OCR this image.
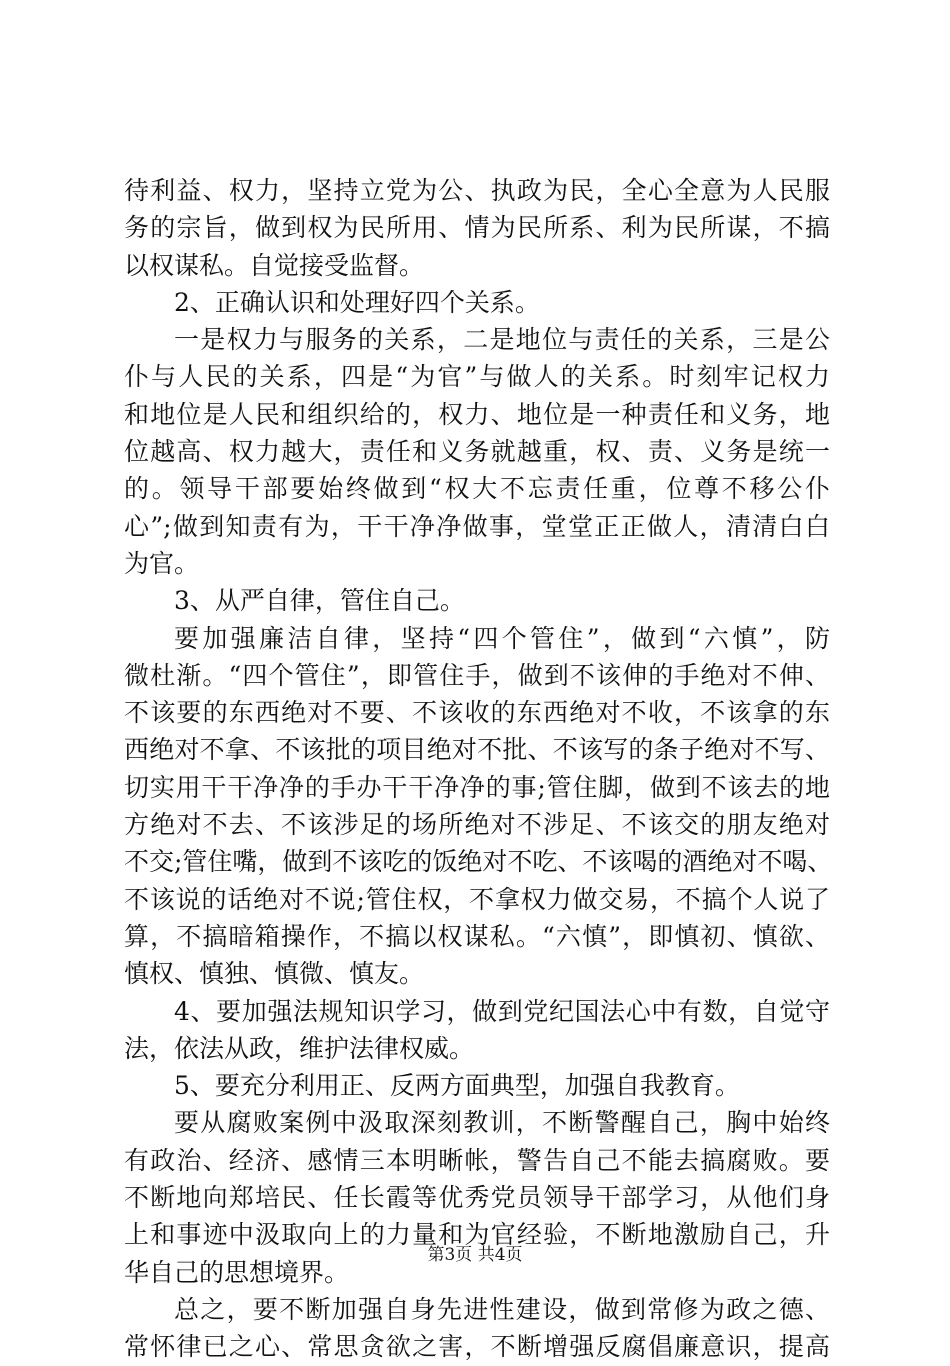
待利益、权力，坚持立党为公、执政为民，全心全意为人民服
务的宗旨，做到权为民所用、情为民所系、利为民所谋，不搞
以权谋私。自觉接受监督。
2、正确认识和处理好四个关系。
一是权力与服务的关系，二是地位与责任的关系，三是公
仆与人民的关系，四是“为官”与做人的关系。时刻牢记权力
和地位是人民和组织给的，权力、地位是一种责任和义务，地
位越高、权力越大，责任和义务就越重，权、责、义务是统一
的。领导干部要始终做到“权大不忘责任重，位尊不移公仆
心”;做到知责有为，干干净净做事，堂堂正正做人，清清白白
为官。
3、从严自律，管住自己。
要加强廉洁自律，坚持“四个管住”，做到“六慎”，防
微杜渐。“四个管住”，即管住手，做到不该伸的手绝对不伸、
不该要的东西绝对不要、不该收的东西绝对不收，不该拿的东
西绝对不拿、不该批的项目绝对不批、不该写的条子绝对不写、
切实用干干净净的手办干干净净的事;管住脚，做到不该去的地
方绝对不去、不该涉足的场所绝对不涉足、不该交的朋友绝对
不交;管住嘴，做到不该吃的饭绝对不吃、不该喝的酒绝对不喝、
不该说的话绝对不说;管住权，不拿权力做交易，不搞个人说了
算，不搞暗箱操作，不搞以权谋私。“六慎”，即慎初、慎欲、
慎权、慎独、慎微、慎友。
4、要加强法规知识学习，做到党纪国法心中有数，自觉守
法，依法从政，维护法律权威。
5、要充分利用正、反两方面典型，加强自我教育。
要从腐败案例中汲取深刻教训，不断警醒自己，胸中始终
有政治、经济、感情三本明晰帐，警告自己不能去搞腐败。要
不断地向郑培民、任长霞等优秀党员领导干部学习，从他们身
上和事迹中汲取向上的力量和为官经验，不断地激励自己，升
华自己的思想境界。
总之，要不断加强自身先进性建设，做到常修为政之德、
常怀律已之心、常思贪欲之害，不断增强反腐倡廉意识，提高
第3页 共4页
